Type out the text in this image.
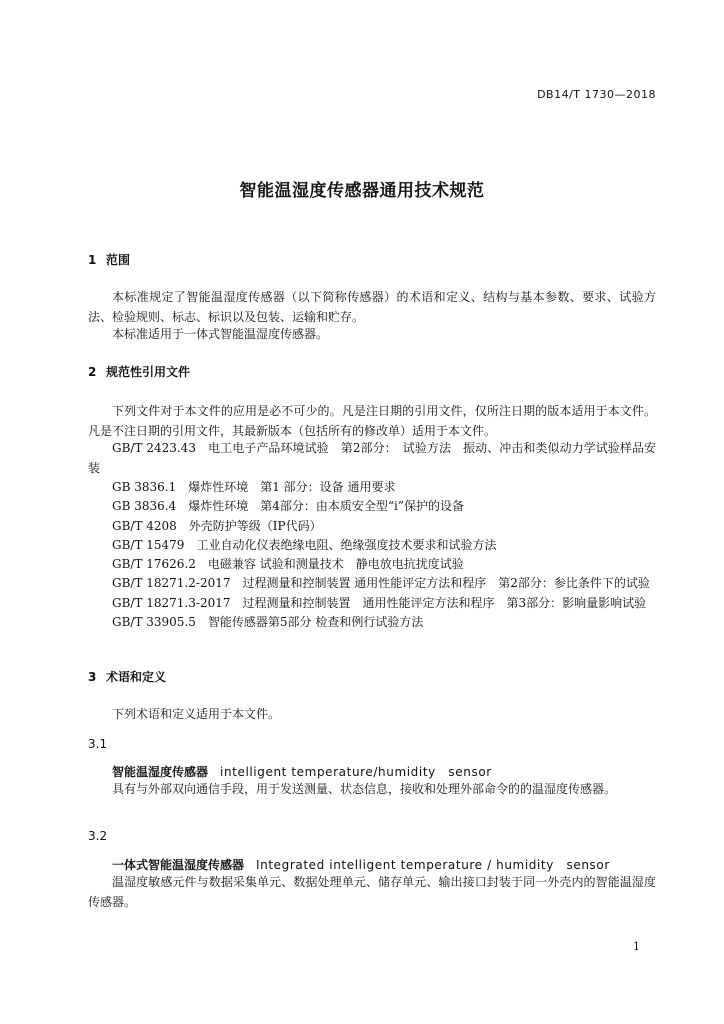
DB14/T 1730—2018
智能温湿度传感器通用技术规范
1 范围
本标准规定了智能温湿度传感器（以下简称传感器）的术语和定义、结构与基本参数、要求、试验方法、检验规则、标志、标识以及包装、运输和贮存。
本标准适用于一体式智能温湿度传感器。
2 规范性引用文件
下列文件对于本文件的应用是必不可少的。凡是注日期的引用文件，仅所注日期的版本适用于本文件。凡是不注日期的引用文件，其最新版本（包括所有的修改单）适用于本文件。
GB/T 2423.43　电工电子产品环境试验　第2部分：　试验方法　振动、冲击和类似动力学试验样品安装
GB 3836.1　爆炸性环境　第1 部分：设备 通用要求
GB 3836.4　爆炸性环境　第4部分：由本质安全型“i”保护的设备
GB/T 4208　外壳防护等级（IP代码）
GB/T 15479　工业自动化仪表绝缘电阻、绝缘强度技术要求和试验方法
GB/T 17626.2　电磁兼容 试验和测量技术　静电放电抗扰度试验
GB/T 18271.2-2017　过程测量和控制装置 通用性能评定方法和程序　第2部分：参比条件下的试验
GB/T 18271.3-2017　过程测量和控制装置　通用性能评定方法和程序　第3部分：影响量影响试验
GB/T 33905.5　智能传感器第5部分 检查和例行试验方法
3 术语和定义
下列术语和定义适用于本文件。
3.1
智能温湿度传感器 intelligent temperature/humidity　sensor
具有与外部双向通信手段，用于发送测量、状态信息，接收和处理外部命令的的温湿度传感器。
3.2
一体式智能温湿度传感器 Integrated intelligent temperature / humidity　sensor
温湿度敏感元件与数据采集单元、数据处理单元、储存单元、输出接口封装于同一外壳内的智能温湿度传感器。
1
